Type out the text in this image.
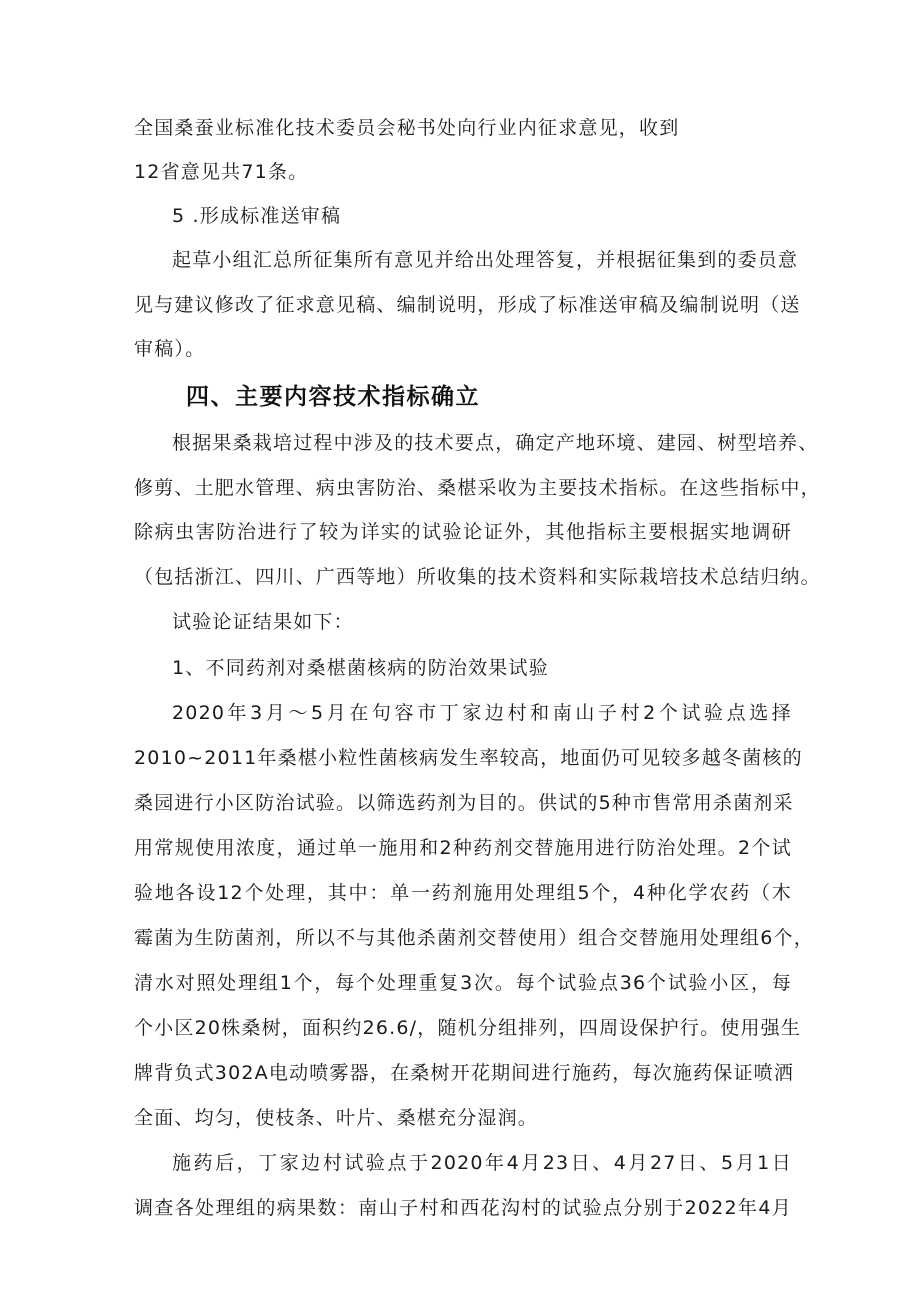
全国桑蚕业标准化技术委员会秘书处向行业内征求意见，收到
12省意见共71条。
5 .形成标准送审稿
起草小组汇总所征集所有意见并给出处理答复，并根据征集到的委员意
见与建议修改了征求意见稿、编制说明，形成了标准送审稿及编制说明（送
审稿）。
四、主要内容技术指标确立
根据果桑栽培过程中涉及的技术要点，确定产地环境、建园、树型培养、
修剪、土肥水管理、病虫害防治、桑椹采收为主要技术指标。在这些指标中，
除病虫害防治进行了较为详实的试验论证外，其他指标主要根据实地调研
（包括浙江、四川、广西等地）所收集的技术资料和实际栽培技术总结归纳。
试验论证结果如下：
1、不同药剂对桑椹菌核病的防治效果试验
2020年3月～5月在句容市丁家边村和南山子村2个试验点选择
2010~2011年桑椹小粒性菌核病发生率较高，地面仍可见较多越冬菌核的
桑园进行小区防治试验。以筛选药剂为目的。供试的5种市售常用杀菌剂采
用常规使用浓度，通过单一施用和2种药剂交替施用进行防治处理。2个试
验地各设12个处理，其中：单一药剂施用处理组5个，4种化学农药（木
霉菌为生防菌剂，所以不与其他杀菌剂交替使用）组合交替施用处理组6个，
清水对照处理组1个，每个处理重复3次。每个试验点36个试验小区，每
个小区20株桑树，面积约26.6/，随机分组排列，四周设保护行。使用强生
牌背负式302A电动喷雾器，在桑树开花期间进行施药，每次施药保证喷洒
全面、均匀，使枝条、叶片、桑椹充分湿润。
施药后，丁家边村试验点于2020年4月23日、4月27日、5月1日
调查各处理组的病果数：南山子村和西花沟村的试验点分别于2022年4月
